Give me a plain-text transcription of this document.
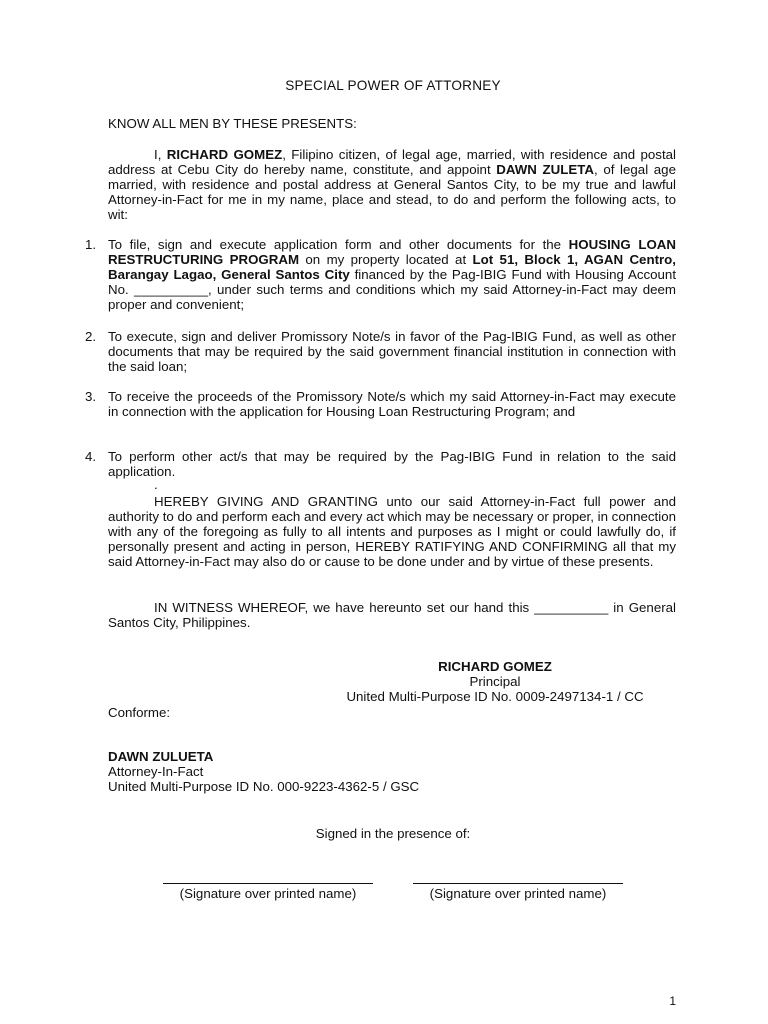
SPECIAL POWER OF ATTORNEY
KNOW ALL MEN BY THESE PRESENTS:
I, RICHARD GOMEZ, Filipino citizen, of legal age, married, with residence and postal address at Cebu City do hereby name, constitute, and appoint DAWN ZULETA, of legal age married, with residence and postal address at General Santos City, to be my true and lawful Attorney-in-Fact for me in my name, place and stead, to do and perform the following acts, to wit:
1. To file, sign and execute application form and other documents for the HOUSING LOAN RESTRUCTURING PROGRAM on my property located at Lot 51, Block 1, AGAN Centro, Barangay Lagao, General Santos City financed by the Pag-IBIG Fund with Housing Account No. __________, under such terms and conditions which my said Attorney-in-Fact may deem proper and convenient;
2. To execute, sign and deliver Promissory Note/s in favor of the Pag-IBIG Fund, as well as other documents that may be required by the said government financial institution in connection with the said loan;
3. To receive the proceeds of the Promissory Note/s which my said Attorney-in-Fact may execute in connection with the application for Housing Loan Restructuring Program; and
4. To perform other act/s that may be required by the Pag-IBIG Fund in relation to the said application.
.
HEREBY GIVING AND GRANTING unto our said Attorney-in-Fact full power and authority to do and perform each and every act which may be necessary or proper, in connection with any of the foregoing as fully to all intents and purposes as I might or could lawfully do, if personally present and acting in person, HEREBY RATIFYING AND CONFIRMING all that my said Attorney-in-Fact may also do or cause to be done under and by virtue of these presents.
IN WITNESS WHEREOF, we have hereunto set our hand this __________ in General Santos City, Philippines.
RICHARD GOMEZ
Principal
United Multi-Purpose ID No. 0009-2497134-1 / CC
Conforme:
DAWN ZULUETA
Attorney-In-Fact
United Multi-Purpose ID No. 000-9223-4362-5 / GSC
Signed in the presence of:
(Signature over printed name)	(Signature over printed name)
1
